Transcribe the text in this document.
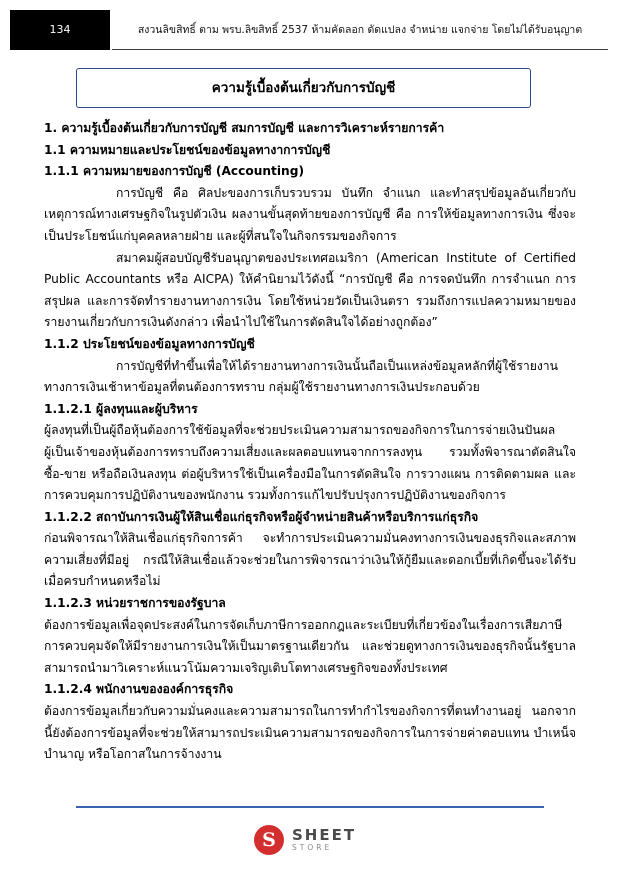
134	สงวนลิขสิทธิ์ ตาม พรบ.ลิขสิทธิ์ 2537 ห้ามคัดลอก ดัดแปลง จำหน่าย แจกจ่าย โดยไม่ได้รับอนุญาต
ความรู้เบื้องต้นเกี่ยวกับการบัญชี

1. ความรู้เบื้องต้นเกี่ยวกับการบัญชี สมการบัญชี และการวิเคราะห์รายการค้า

1.1 ความหมายและประโยชน์ของข้อมูลทางาการบัญชี

1.1.1 ความหมายของการบัญชี (Accounting)

การบัญชี คือ ศิลปะของการเก็บรวบรวม บันทึก จำแนก และทำสรุปข้อมูลอันเกี่ยวกับเหตุการณ์ทางเศรษฐกิจในรูปตัวเงิน ผลงานขั้นสุดท้ายของการบัญชี คือ การให้ข้อมูลทางการเงิน ซึ่งจะเป็นประโยชน์แก่บุคคลหลายฝ่าย และผู้ที่สนใจในกิจกรรมของกิจการ

สมาคมผู้สอบบัญชีรับอนุญาตของประเทศอเมริกา (American Institute of Certified Public Accountants หรือ AICPA) ให้คำนิยามไว้ดังนี้ “การบัญชี คือ การจดบันทึก การจำแนก การสรุปผล และการจัดทำรายงานทางการเงิน โดยใช้หน่วยวัดเป็นเงินตรา รวมถึงการแปลความหมายของรายงานเกี่ยวกับการเงินดังกล่าว เพื่อนำไปใช้ในการตัดสินใจได้อย่างถูกต้อง”

1.1.2 ประโยชน์ของข้อมูลทางการบัญชี

การบัญชีที่ทำขึ้นเพื่อให้ได้รายงานทางการเงินนั้นถือเป็นแหล่งข้อมูลหลักที่ผู้ใช้รายงานทางการเงินเช้าหาข้อมูลที่ตนต้องการทราบ กลุ่มผู้ใช้รายงานทางการเงินประกอบด้วย

1.1.2.1 ผู้ลงทุนและผู้บริหาร

ผู้ลงทุนที่เป็นผู้ถือหุ้นต้องการใช้ข้อมูลที่จะช่วยประเมินความสามารถของกิจการในการจ่ายเงินปันผล

ผู้เป็นเจ้าของหุ้นต้องการทราบถึงความเสี่ยงและผลตอบแทนจากการลงทุน รวมทั้งพิจารณาตัดสินใจ ซื้อ-ขาย หรือถือเงินลงทุน ต่อผู้บริหารใช้เป็นเครื่องมือในการตัดสินใจ การวางแผน การติดตามผล และการควบคุมการปฏิบัติงานของพนักงาน รวมทั้งการแก้ไขปรับปรุงการปฏิบัติงานของกิจการ

1.1.2.2 สถาบันการเงินผู้ให้สินเชื่อแก่ธุรกิจหรือผู้จำหน่ายสินค้าหรือบริการแก่ธุรกิจ

ก่อนพิจารณาให้สินเชื่อแก่ธุรกิจการค้า จะทำการประเมินความมั่นคงทางการเงินของธุรกิจและสภาพความเสี่ยงที่มีอยู่ กรณีให้สินเชื่อแล้วจะช่วยในการพิจารณาว่าเงินให้กู้ยืมและดอกเบี้ยที่เกิดขึ้นจะได้รับเมื่อครบกำหนดหรือไม่

1.1.2.3 หน่วยราชการของรัฐบาล

ต้องการข้อมูลเพื่อจุดประสงค์ในการจัดเก็บภาษีการออกกฎและระเบียบที่เกี่ยวข้องในเรื่องการเสียภาษี การควบคุมจัดให้มีรายงานการเงินให้เป็นมาตรฐานเดียวกัน และช่วยดูทางการเงินของธุรกิจนั้นรัฐบาลสามารถนำมาวิเคราะห์แนวโน้มความเจริญเติบโตทางเศรษฐกิจของทั้งประเทศ

1.1.2.4 พนักงานขององค์การธุรกิจ

ต้องการข้อมูลเกี่ยวกับความมั่นคงและความสามารถในการทำกำไรของกิจการที่ตนทำงานอยู่ นอกจากนี้ยังต้องการข้อมูลที่จะช่วยให้สามารถประเมินความสามารถของกิจการในการจ่ายค่าตอบแทน บำเหน็จบำนาญ หรือโอกาสในการจ้างงาน

S	SHEET
STORE
